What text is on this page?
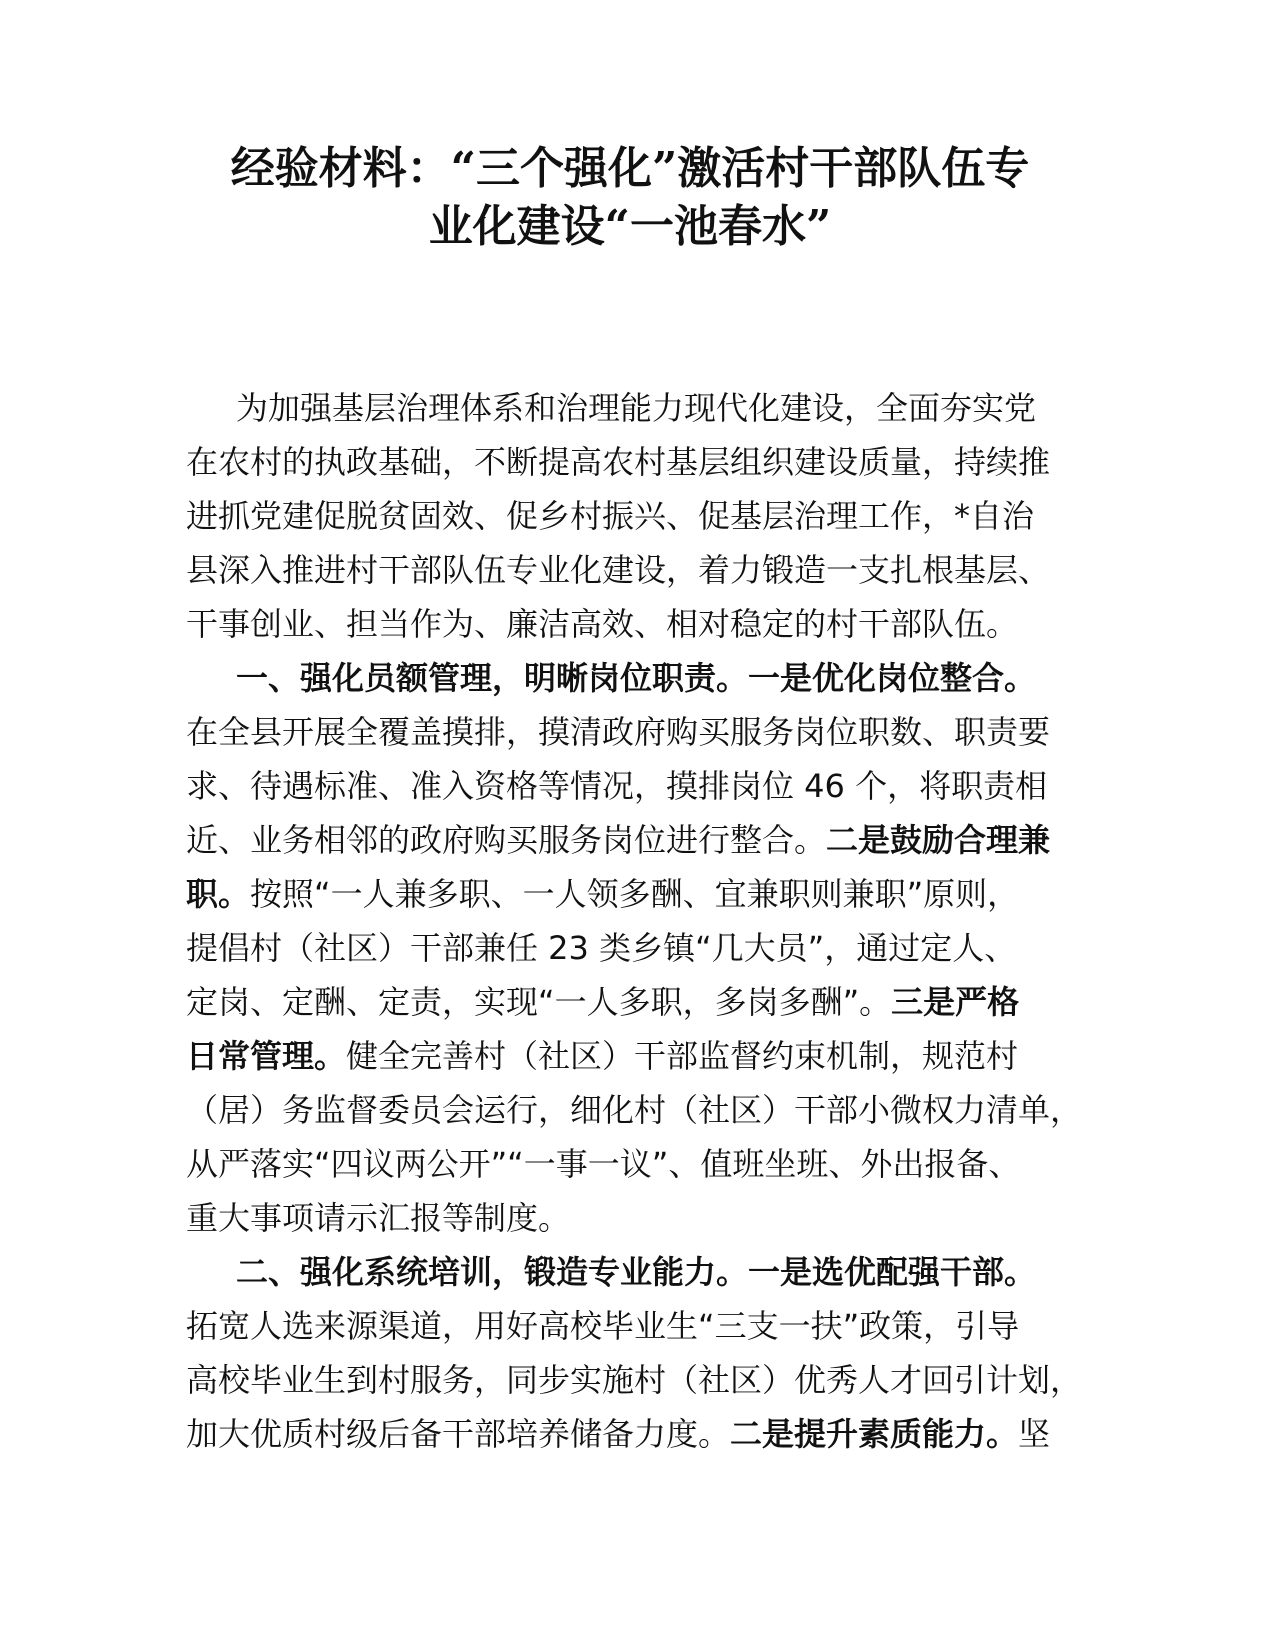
经验材料：“三个强化”激活村干部队伍专
业化建设“一池春水”
为加强基层治理体系和治理能力现代化建设，全面夯实党
在农村的执政基础，不断提高农村基层组织建设质量，持续推
进抓党建促脱贫固效、促乡村振兴、促基层治理工作，*自治
县深入推进村干部队伍专业化建设，着力锻造一支扎根基层、
干事创业、担当作为、廉洁高效、相对稳定的村干部队伍。
一、强化员额管理，明晰岗位职责。一是优化岗位整合。
在全县开展全覆盖摸排，摸清政府购买服务岗位职数、职责要
求、待遇标准、准入资格等情况，摸排岗位 46 个，将职责相
近、业务相邻的政府购买服务岗位进行整合。二是鼓励合理兼
职。按照“一人兼多职、一人领多酬、宜兼职则兼职”原则，
提倡村（社区）干部兼任 23 类乡镇“几大员”，通过定人、
定岗、定酬、定责，实现“一人多职，多岗多酬”。三是严格
日常管理。健全完善村（社区）干部监督约束机制，规范村
（居）务监督委员会运行，细化村（社区）干部小微权力清单，
从严落实“四议两公开”“一事一议”、值班坐班、外出报备、
重大事项请示汇报等制度。
二、强化系统培训，锻造专业能力。一是选优配强干部。
拓宽人选来源渠道，用好高校毕业生“三支一扶”政策，引导
高校毕业生到村服务，同步实施村（社区）优秀人才回引计划，
加大优质村级后备干部培养储备力度。二是提升素质能力。坚
